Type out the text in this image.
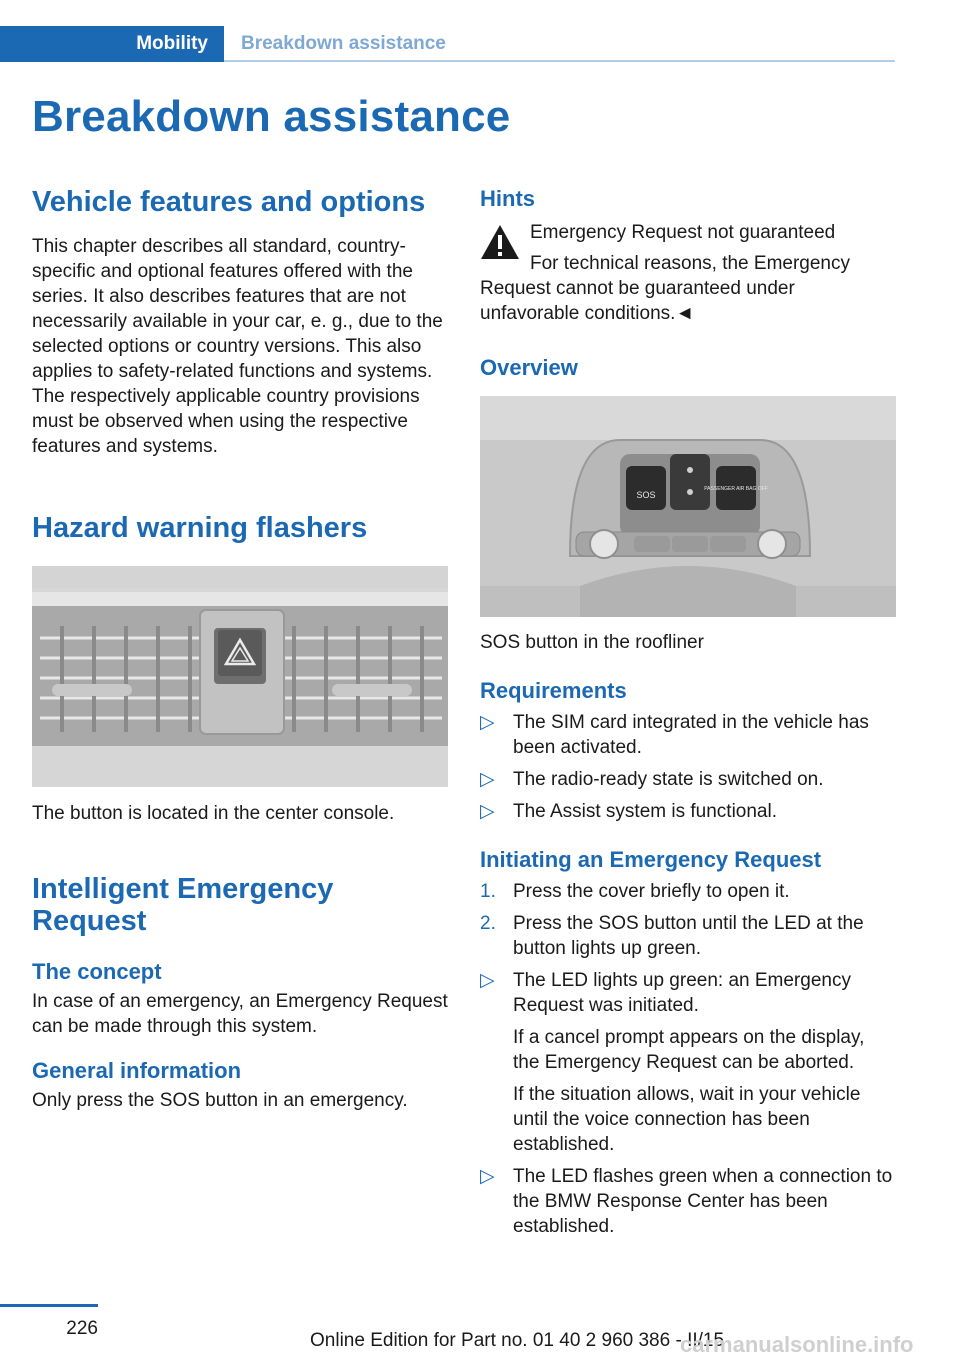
Mobility	Breakdown assistance
Breakdown assistance
Vehicle features and options

This chapter describes all standard, country-specific and optional features offered with the series. It also describes features that are not necessarily available in your car, e. g., due to the selected options or country versions. This also applies to safety-related functions and systems. The respectively applicable country provisions must be observed when using the respective features and systems.

Hazard warning flashers

The button is located in the center console.

Intelligent Emergency Request
The concept

In case of an emergency, an Emergency Request can be made through this system.

General information

Only press the SOS button in an emergency.

Hints
Emergency Request not guaranteed
For technical reasons, the Emergency
Request cannot be guaranteed under unfavorable conditions.◄
Overview
SOS
PASSENGER AIR BAG OFF

SOS button in the roofliner

Requirements
▷ The SIM card integrated in the vehicle has been activated.
▷ The radio-ready state is switched on.
▷ The Assist system is functional.
Initiating an Emergency Request
1. Press the cover briefly to open it.
2. Press the SOS button until the LED at the button lights up green.
▷ The LED lights up green: an Emergency Request was initiated.
If a cancel prompt appears on the display, the Emergency Request can be aborted.
If the situation allows, wait in your vehicle until the voice connection has been established.
▷ The LED flashes green when a connection to the BMW Response Center has been established.
226
Online Edition for Part no. 01 40 2 960 386 - II/15
carmanualsonline.info
